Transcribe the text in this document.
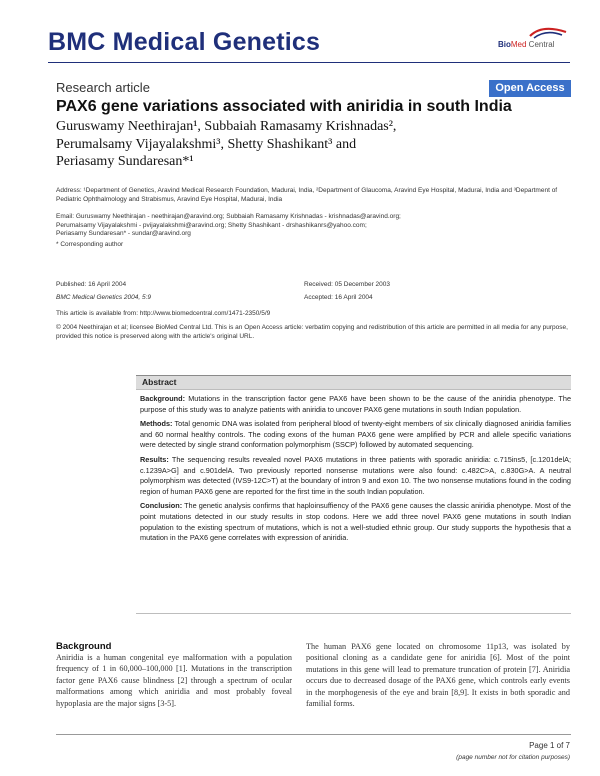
BMC Medical Genetics	BioMed Central
Research article	Open Access
PAX6 gene variations associated with aniridia in south India
Guruswamy Neethirajan¹, Subbaiah Ramasamy Krishnadas²,
Perumalsamy Vijayalakshmi³, Shetty Shashikant³ and
Periasamy Sundaresan*¹
Address: ¹Department of Genetics, Aravind Medical Research Foundation, Madurai, India, ²Department of Glaucoma, Aravind Eye Hospital, Madurai, India and ³Department of Pediatric Ophthalmology and Strabismus, Aravind Eye Hospital, Madurai, India
Email: Guruswamy Neethirajan - neethirajan@aravind.org; Subbaiah Ramasamy Krishnadas - krishnadas@aravind.org;
Perumalsamy Vijayalakshmi - pvijayalakshmi@aravind.org; Shetty Shashikant - drshashikanrs@yahoo.com;
Periasamy Sundaresan* - sundar@aravind.org
* Corresponding author
Published: 16 April 2004
BMC Medical Genetics 2004, 5:9
Received: 05 December 2003
Accepted: 16 April 2004
This article is available from: http://www.biomedcentral.com/1471-2350/5/9
© 2004 Neethirajan et al; licensee BioMed Central Ltd. This is an Open Access article: verbatim copying and redistribution of this article are permitted in all media for any purpose, provided this notice is preserved along with the article's original URL.
Abstract

Background: Mutations in the transcription factor gene PAX6 have been shown to be the cause of the aniridia phenotype. The purpose of this study was to analyze patients with aniridia to uncover PAX6 gene mutations in south Indian population.

Methods: Total genomic DNA was isolated from peripheral blood of twenty-eight members of six clinically diagnosed aniridia families and 60 normal healthy controls. The coding exons of the human PAX6 gene were amplified by PCR and allele specific variations were detected by single strand conformation polymorphism (SSCP) followed by automated sequencing.

Results: The sequencing results revealed novel PAX6 mutations in three patients with sporadic aniridia: c.715ins5, [c.1201delA; c.1239A>G] and c.901delA. Two previously reported nonsense mutations were also found: c.482C>A, c.830G>A. A neutral polymorphism was detected (IVS9-12C>T) at the boundary of intron 9 and exon 10. The two nonsense mutations found in the coding region of human PAX6 gene are reported for the first time in the south Indian population.

Conclusion: The genetic analysis confirms that haploinsuffiency of the PAX6 gene causes the classic aniridia phenotype. Most of the point mutations detected in our study results in stop codons. Here we add three novel PAX6 gene mutations in south Indian population to the existing spectrum of mutations, which is not a well-studied ethnic group. Our study supports the hypothesis that a mutation in the PAX6 gene correlates with expression of aniridia.

Background
Aniridia is a human congenital eye malformation with a population frequency of 1 in 60,000–100,000 [1]. Mutations in the transcription factor gene PAX6 cause blindness [2] through a spectrum of ocular malformations among which aniridia and most probably foveal hypoplasia are the major signs [3-5].
The human PAX6 gene located on chromosome 11p13, was isolated by positional cloning as a candidate gene for aniridia [6]. Most of the point mutations in this gene will lead to premature truncation of protein [7]. Aniridia occurs due to decreased dosage of the PAX6 gene, which controls early events in the morphogenesis of the eye and brain [8,9]. It exists in both sporadic and familial forms.
Page 1 of 7
(page number not for citation purposes)
